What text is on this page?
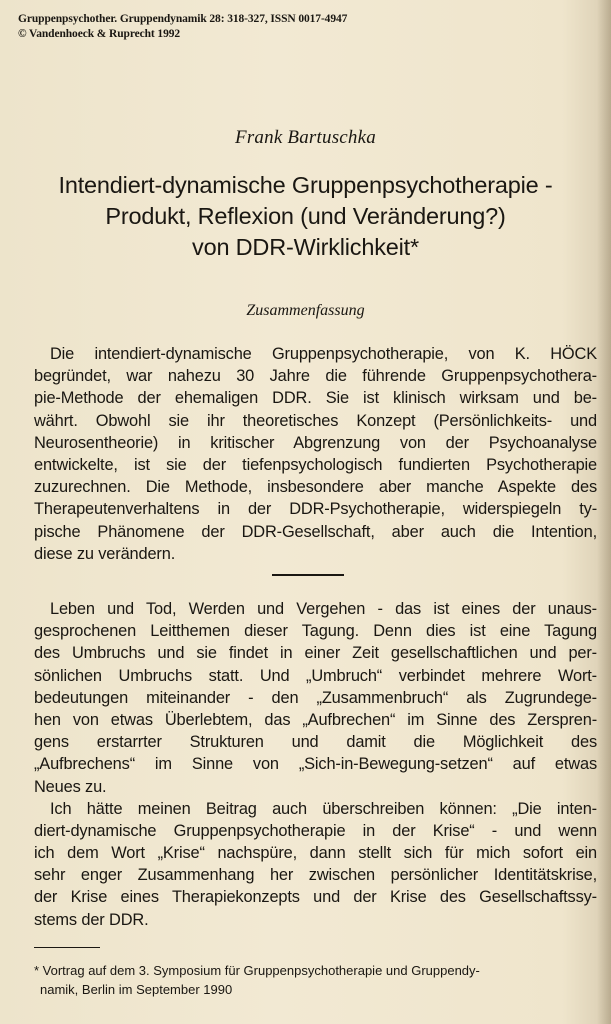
Gruppenpsychother. Gruppendynamik 28: 318-327, ISSN 0017-4947
© Vandenhoeck & Ruprecht 1992
Frank Bartuschka
Intendiert-dynamische Gruppenpsychotherapie -
Produkt, Reflexion (und Veränderung?)
von DDR-Wirklichkeit*
Zusammenfassung
Die intendiert-dynamische Gruppenpsychotherapie, von K. HÖCK
begründet, war nahezu 30 Jahre die führende Gruppenpsychothera-
pie-Methode der ehemaligen DDR. Sie ist klinisch wirksam und be-
währt. Obwohl sie ihr theoretisches Konzept (Persönlichkeits- und
Neurosentheorie) in kritischer Abgrenzung von der Psychoanalyse
entwickelte, ist sie der tiefenpsychologisch fundierten Psychotherapie
zuzurechnen. Die Methode, insbesondere aber manche Aspekte des
Therapeutenverhaltens in der DDR-Psychotherapie, widerspiegeln ty-
pische Phänomene der DDR-Gesellschaft, aber auch die Intention,
diese zu verändern.
Leben und Tod, Werden und Vergehen - das ist eines der unaus-
gesprochenen Leitthemen dieser Tagung. Denn dies ist eine Tagung
des Umbruchs und sie findet in einer Zeit gesellschaftlichen und per-
sönlichen Umbruchs statt. Und „Umbruch“ verbindet mehrere Wort-
bedeutungen miteinander - den „Zusammenbruch“ als Zugrundege-
hen von etwas Überlebtem, das „Aufbrechen“ im Sinne des Zerspren-
gens erstarrter Strukturen und damit die Möglichkeit des
„Aufbrechens“ im Sinne von „Sich-in-Bewegung-setzen“ auf etwas
Neues zu.
Ich hätte meinen Beitrag auch überschreiben können: „Die inten-
diert-dynamische Gruppenpsychotherapie in der Krise“ - und wenn
ich dem Wort „Krise“ nachspüre, dann stellt sich für mich sofort ein
sehr enger Zusammenhang her zwischen persönlicher Identitätskrise,
der Krise eines Therapiekonzepts und der Krise des Gesellschaftssy-
stems der DDR.
* Vortrag auf dem 3. Symposium für Gruppenpsychotherapie und Gruppendy-
namik, Berlin im September 1990
